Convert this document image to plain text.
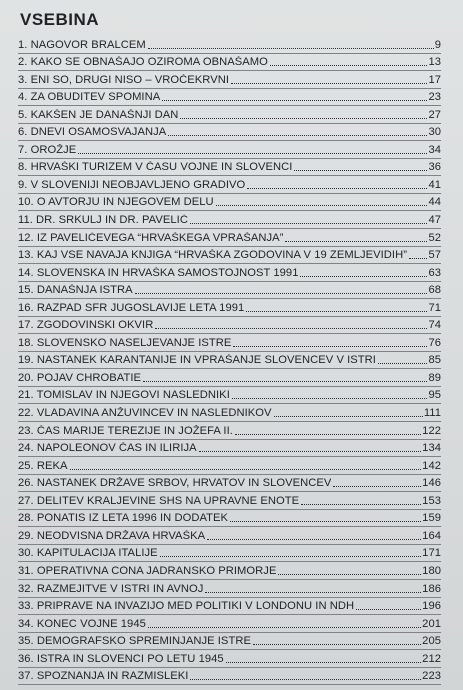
VSEBINA
1. NAGOVOR BRALCEM	9
2. KAKO SE OBNAŠAJO OZIROMA OBNAŠAMO	13
3. ENI SO, DRUGI NISO – VROČEKRVNI	17
4. ZA OBUDITEV SPOMINA	23
5. KAKŠEN JE DANAŠNJI DAN	27
6. DNEVI OSAMOSVAJANJA	30
7. OROŽJE	34
8. HRVAŠKI TURIZEM V ČASU VOJNE IN SLOVENCI	36
9. V SLOVENIJI NEOBJAVLJENO GRADIVO	41
10. O AVTORJU IN NJEGOVEM DELU	44
11. DR. SRKULJ IN DR. PAVELIĆ	47
12. IZ PAVELIĆEVEGA “HRVAŠKEGA VPRAŠANJA”	52
13. KAJ VSE NAVAJA KNJIGA “HRVAŠKA ZGODOVINA V 19 ZEMLJEVIDIH” 57
14. SLOVENSKA IN HRVAŠKA SAMOSTOJNOST 1991	63
15. DANAŠNJA ISTRA	68
16. RAZPAD SFR JUGOSLAVIJE LETA 1991	71
17. ZGODOVINSKI OKVIR	74
18. SLOVENSKO NASELJEVANJE ISTRE	76
19. NASTANEK KARANTANIJE IN VPRAŠANJE SLOVENCEV V ISTRI	85
20. POJAV CHROBATIE	89
21. TOMISLAV IN NJEGOVI NASLEDNIKI	95
22. VLADAVINA ANŽUVINCEV IN NASLEDNIKOV	111
23. ČAS MARIJE TEREZIJE IN JOŽEFA II.	122
24. NAPOLEONOV ČAS IN ILIRIJA	134
25. REKA	142
26. NASTANEK DRŽAVE SRBOV, HRVATOV IN SLOVENCEV	146
27. DELITEV KRALJEVINE SHS NA UPRAVNE ENOTE	153
28. PONATIS IZ LETA 1996 IN DODATEK	159
29. NEODVISNA DRŽAVA HRVAŠKA	164
30. KAPITULACIJA ITALIJE	171
31. OPERATIVNA CONA JADRANSKO PRIMORJE	180
32. RAZMEJITVE V ISTRI IN AVNOJ	186
33. PRIPRAVE NA INVAZIJO MED POLITIKI V LONDONU IN NDH	196
34. KONEC VOJNE 1945	201
35. DEMOGRAFSKO SPREMINJANJE ISTRE	205
36. ISTRA IN SLOVENCI PO LETU 1945	212
37. SPOZNANJA IN RAZMISLEKI	223
